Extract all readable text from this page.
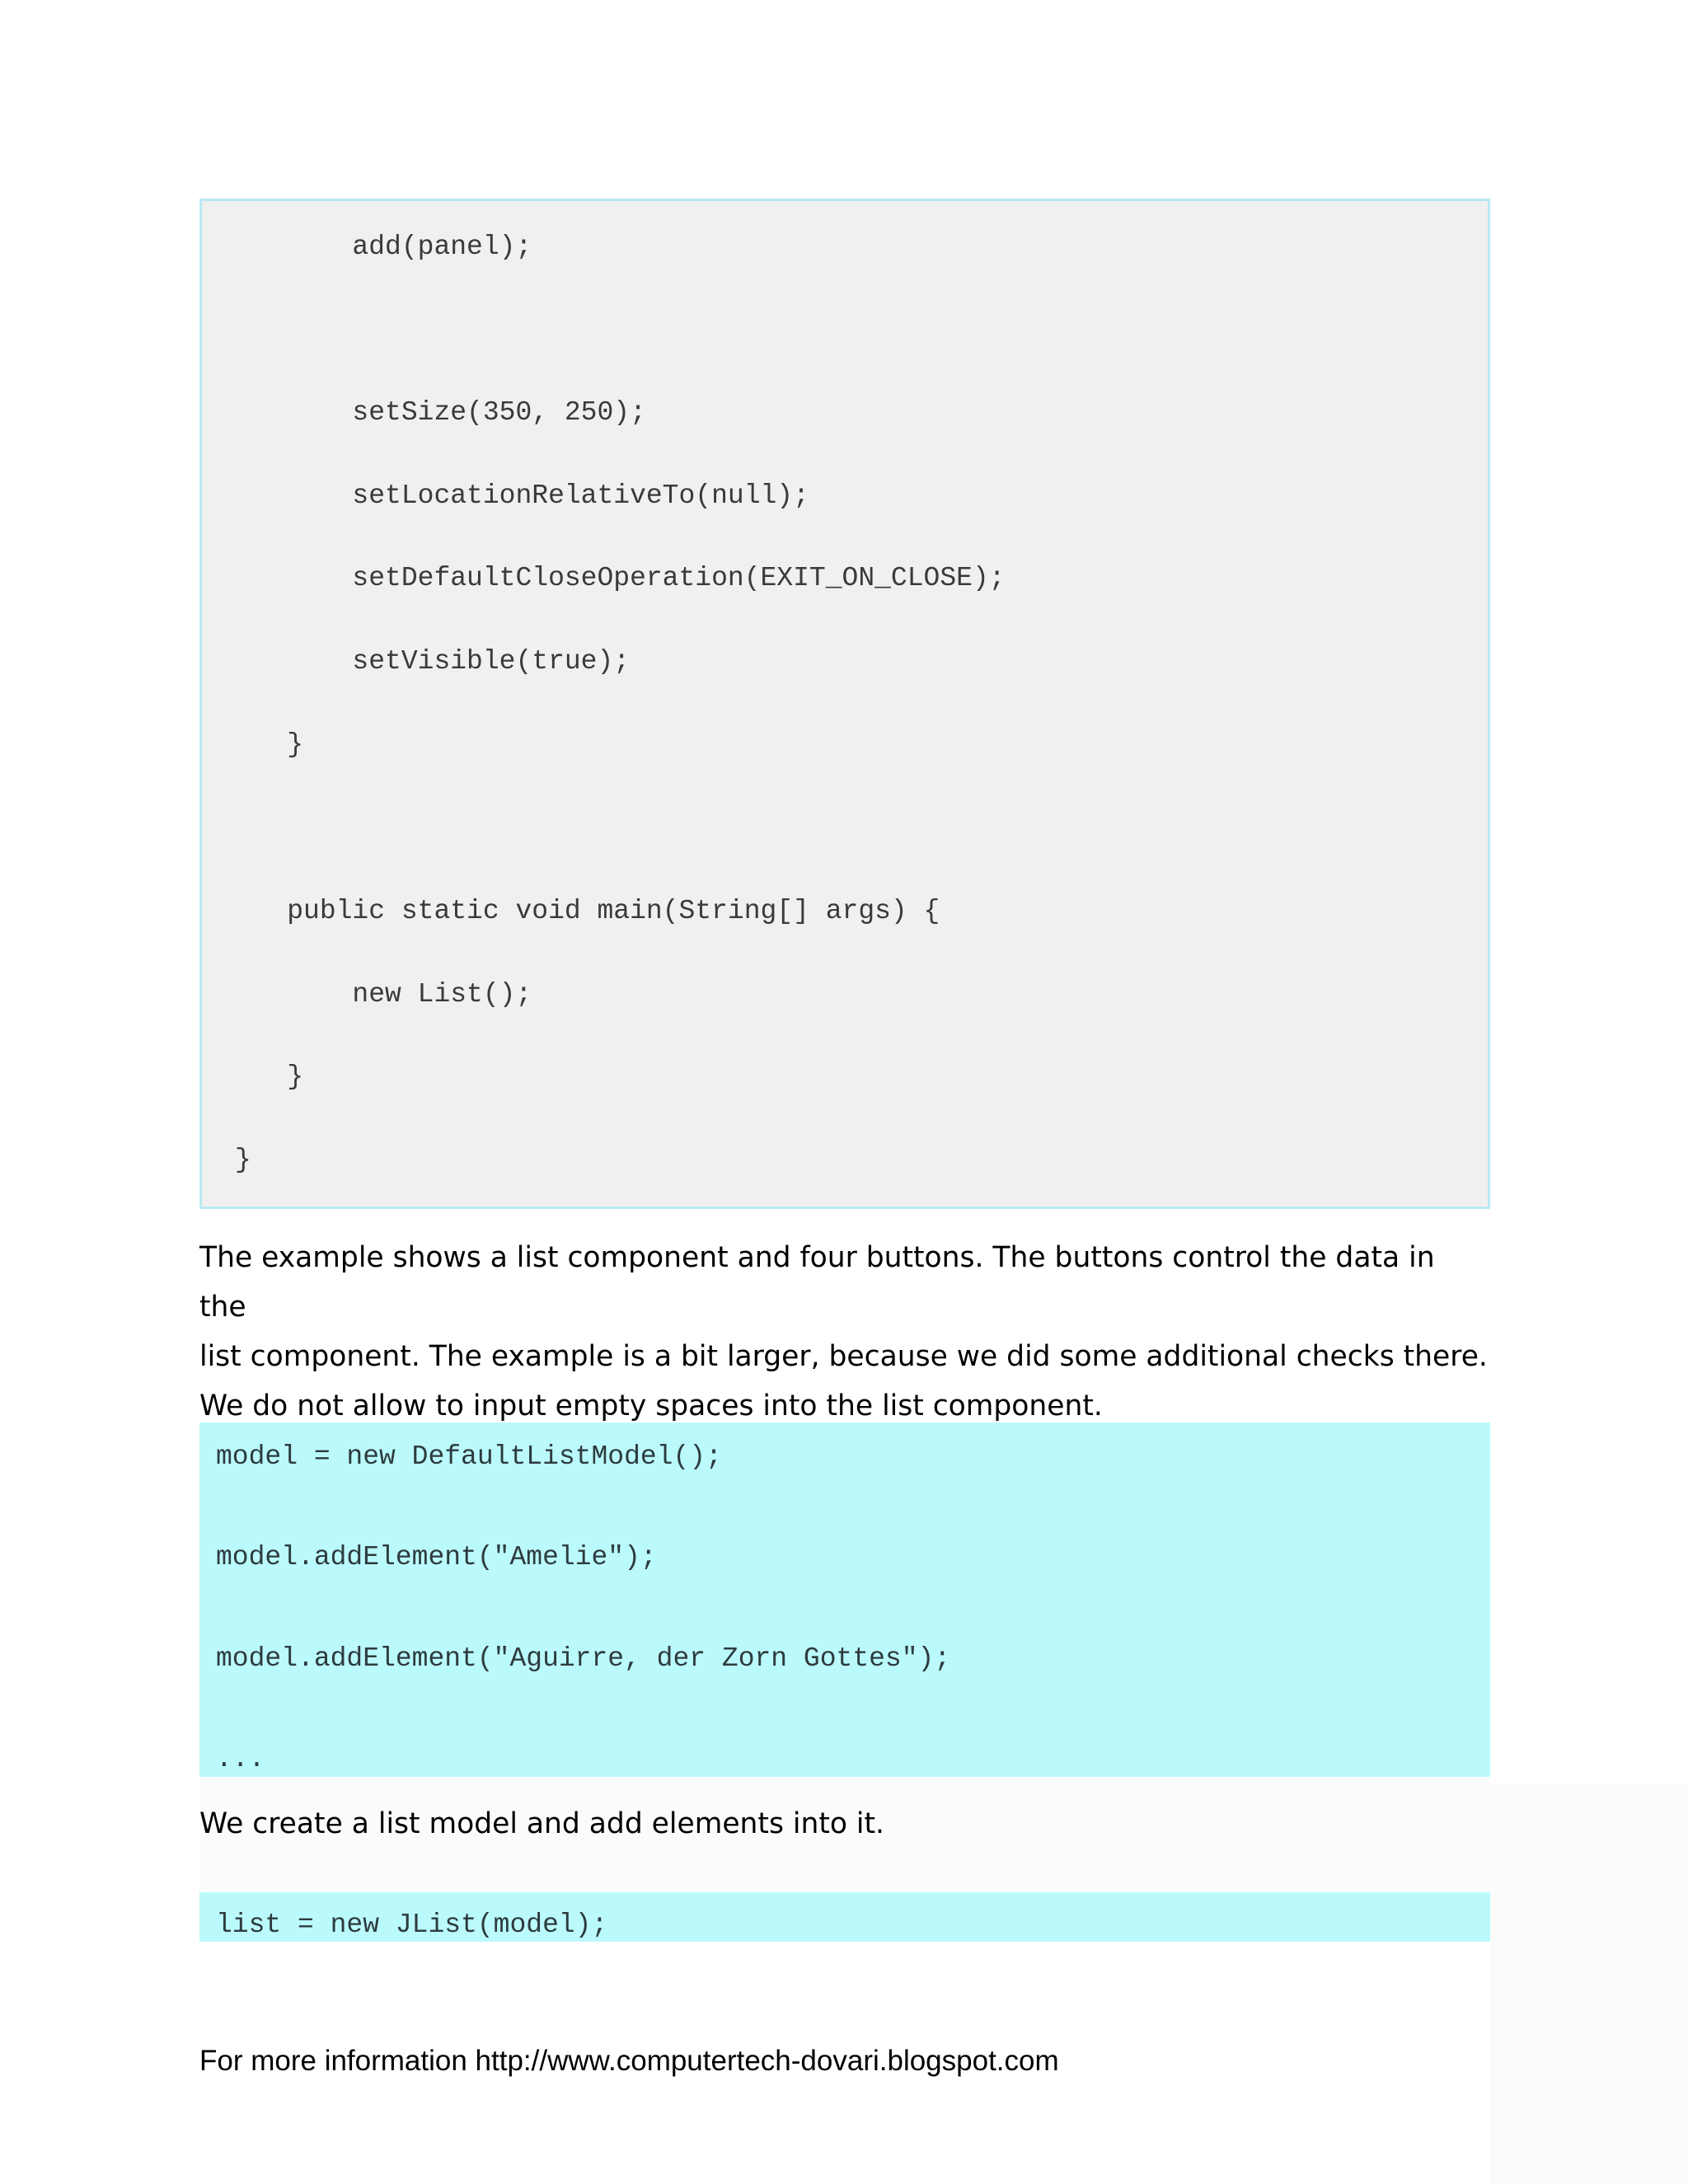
add(panel);
setSize(350, 250);
setLocationRelativeTo(null);
setDefaultCloseOperation(EXIT_ON_CLOSE);
setVisible(true);
}
public static void main(String[] args) {
new List();
}
}
The example shows a list component and four buttons. The buttons control the data in the
list component. The example is a bit larger, because we did some additional checks there.
We do not allow to input empty spaces into the list component.
model = new DefaultListModel();
model.addElement("Amelie");
model.addElement("Aguirre, der Zorn Gottes");
...
We create a list model and add elements into it.
list = new JList(model);
For more information http://www.computertech-dovari.blogspot.com
